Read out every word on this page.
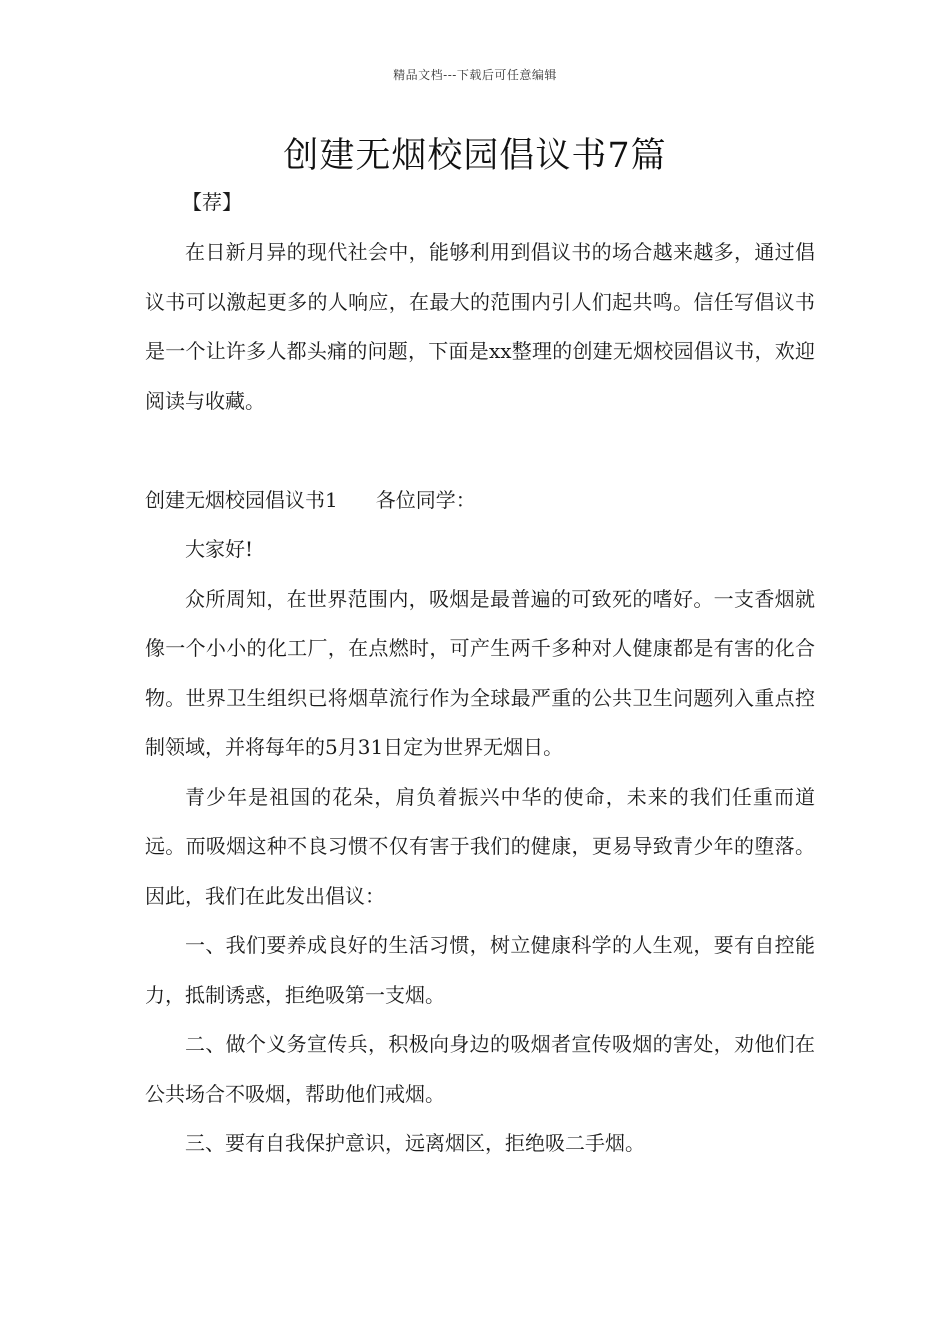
精品文档---下载后可任意编辑
创建无烟校园倡议书7篇
【荐】

在日新月异的现代社会中，能够利用到倡议书的场合越来越多，通过倡议书可以激起更多的人响应，在最大的范围内引人们起共鸣。信任写倡议书是一个让许多人都头痛的问题，下面是xx整理的创建无烟校园倡议书，欢迎阅读与收藏。

创建无烟校园倡议书1 各位同学：

大家好!

众所周知，在世界范围内，吸烟是最普遍的可致死的嗜好。一支香烟就像一个小小的化工厂，在点燃时，可产生两千多种对人健康都是有害的化合物。世界卫生组织已将烟草流行作为全球最严重的公共卫生问题列入重点控制领域，并将每年的5月31日定为世界无烟日。

青少年是祖国的花朵，肩负着振兴中华的使命，未来的我们任重而道远。而吸烟这种不良习惯不仅有害于我们的健康，更易导致青少年的堕落。因此，我们在此发出倡议：

一、我们要养成良好的生活习惯，树立健康科学的人生观，要有自控能力，抵制诱惑，拒绝吸第一支烟。

二、做个义务宣传兵，积极向身边的吸烟者宣传吸烟的害处，劝他们在公共场合不吸烟，帮助他们戒烟。

三、要有自我保护意识，远离烟区，拒绝吸二手烟。
